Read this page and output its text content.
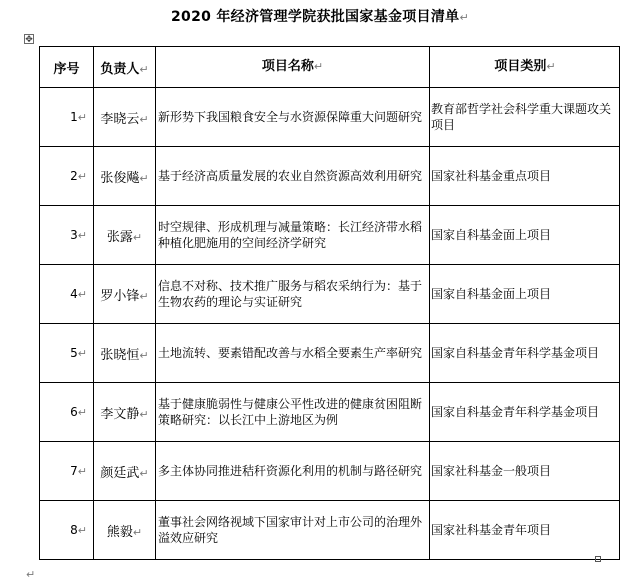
2020 年经济管理学院获批国家基金项目清单↵
✥
序号	负责人↵	项目名称↵	项目类别↵
1↵	李晓云↵	新形势下我国粮食安全与水资源保障重大问题研究	教育部哲学社会科学重大课题攻关项目
2↵	张俊飚↵	基于经济高质量发展的农业自然资源高效利用研究	国家社科基金重点项目
3↵	张露↵	时空规律、形成机理与减量策略：长江经济带水稻种植化肥施用的空间经济学研究	国家自科基金面上项目
4↵	罗小锋↵	信息不对称、技术推广服务与稻农采纳行为：基于生物农药的理论与实证研究	国家自科基金面上项目
5↵	张晓恒↵	土地流转、要素错配改善与水稻全要素生产率研究	国家自科基金青年科学基金项目
6↵	李文静↵	基于健康脆弱性与健康公平性改进的健康贫困阻断策略研究：以长江中上游地区为例	国家自科基金青年科学基金项目
7↵	颜廷武↵	多主体协同推进秸秆资源化利用的机制与路径研究	国家社科基金一般项目
8↵	熊毅↵	董事社会网络视域下国家审计对上市公司的治理外溢效应研究	国家社科基金青年项目
↵
